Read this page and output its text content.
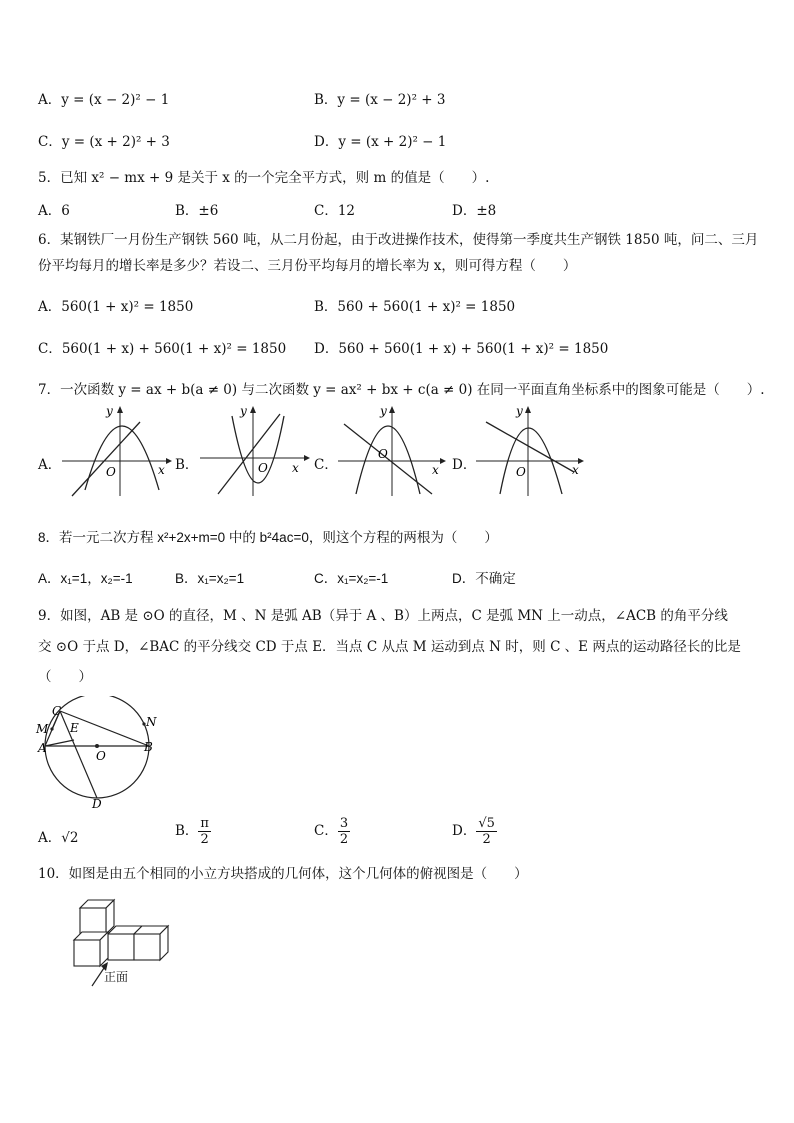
A．y = (x − 2)² − 1	B．y = (x − 2)² + 3
C．y = (x + 2)² + 3	D．y = (x + 2)² − 1
5．已知 x² − mx + 9 是关于 x 的一个完全平方式，则 m 的值是（　　）.
A．6	B．±6	C．12	D．±8
6．某钢铁厂一月份生产钢铁 560 吨，从二月份起，由于改进操作技术，使得第一季度共生产钢铁 1850 吨，问二、三月份平均每月的增长率是多少？若设二、三月份平均每月的增长率为 x，则可得方程（　　）
A．560(1 + x)² = 1850	B．560 + 560(1 + x)² = 1850
C．560(1 + x) + 560(1 + x)² = 1850 D．560 + 560(1 + x) + 560(1 + x)² = 1850
7．一次函数 y = ax + b(a ≠ 0) 与二次函数 y = ax² + bx + c(a ≠ 0) 在同一平面直角坐标系中的图象可能是（　　）.
A．	O	x
y
B．	O x
y
C．
O
x
y
D．	O	x
y
8．若一元二次方程 x²+2x+m=0 中的 b²4ac=0，则这个方程的两根为（　　）
A．x₁=1，x₂=-1	B．x₁=x₂=1	C．x₁=x₂=-1	D．不确定
9．如图，AB 是 ⊙O 的直径，M 、N 是弧 AB（异于 A 、B）上两点，C 是弧 MN 上一动点，∠ACB 的角平分线
交 ⊙O 于点 D，∠BAC 的平分线交 CD 于点 E．当点 C 从点 M 运动到点 N 时，则 C 、E 两点的运动路径长的比是
（　　）
C
M E	N
A
O
B
D
A．√2	B． $\frac{\pi}{2}$	C． $\frac{3}{2}$	D． $\frac{√5}{2}$
10．如图是由五个相同的小立方块搭成的几何体，这个几何体的俯视图是（　　）
正面
